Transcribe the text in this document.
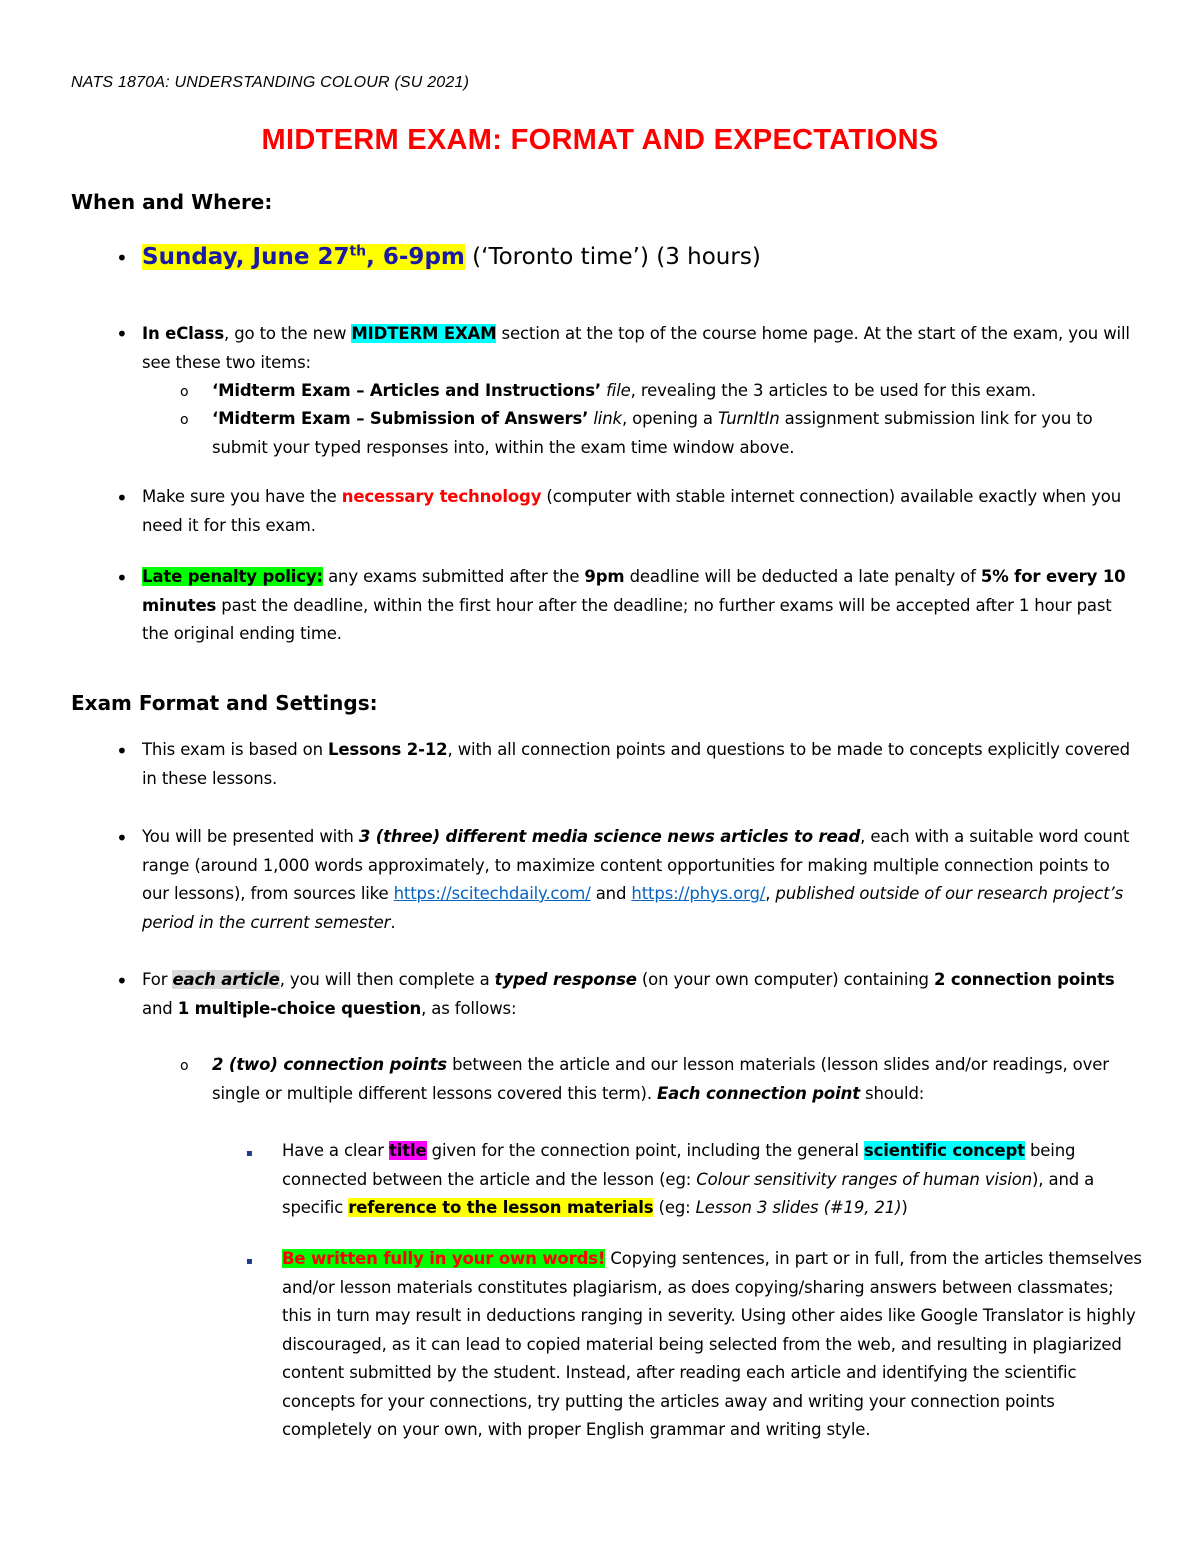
NATS 1870A: UNDERSTANDING COLOUR (SU 2021)
MIDTERM EXAM: FORMAT AND EXPECTATIONS
When and Where:
• Sunday, June 27th, 6-9pm (‘Toronto time’) (3 hours)
• In eClass, go to the new MIDTERM EXAM section at the top of the course home page. At the start of the exam, you will see these two items:
o ‘Midterm Exam – Articles and Instructions’ file, revealing the 3 articles to be used for this exam.
o ‘Midterm Exam – Submission of Answers’ link, opening a TurnItIn assignment submission link for you to submit your typed responses into, within the exam time window above.
• Make sure you have the necessary technology (computer with stable internet connection) available exactly when you need it for this exam.
• Late penalty policy: any exams submitted after the 9pm deadline will be deducted a late penalty of 5% for every 10 minutes past the deadline, within the first hour after the deadline; no further exams will be accepted after 1 hour past the original ending time.
Exam Format and Settings:
• This exam is based on Lessons 2-12, with all connection points and questions to be made to concepts explicitly covered in these lessons.
• You will be presented with 3 (three) different media science news articles to read, each with a suitable word count range (around 1,000 words approximately, to maximize content opportunities for making multiple connection points to our lessons), from sources like https://scitechdaily.com/ and https://phys.org/, published outside of our research project’s period in the current semester.
• For each article, you will then complete a typed response (on your own computer) containing 2 connection points and 1 multiple-choice question, as follows:
o 2 (two) connection points between the article and our lesson materials (lesson slides and/or readings, over single or multiple different lessons covered this term). Each connection point should:
▪ Have a clear title given for the connection point, including the general scientific concept being connected between the article and the lesson (eg: Colour sensitivity ranges of human vision), and a specific reference to the lesson materials (eg: Lesson 3 slides (#19, 21))
▪ Be written fully in your own words! Copying sentences, in part or in full, from the articles themselves and/or lesson materials constitutes plagiarism, as does copying/sharing answers between classmates; this in turn may result in deductions ranging in severity. Using other aides like Google Translator is highly discouraged, as it can lead to copied material being selected from the web, and resulting in plagiarized content submitted by the student. Instead, after reading each article and identifying the scientific concepts for your connections, try putting the articles away and writing your connection points completely on your own, with proper English grammar and writing style.
